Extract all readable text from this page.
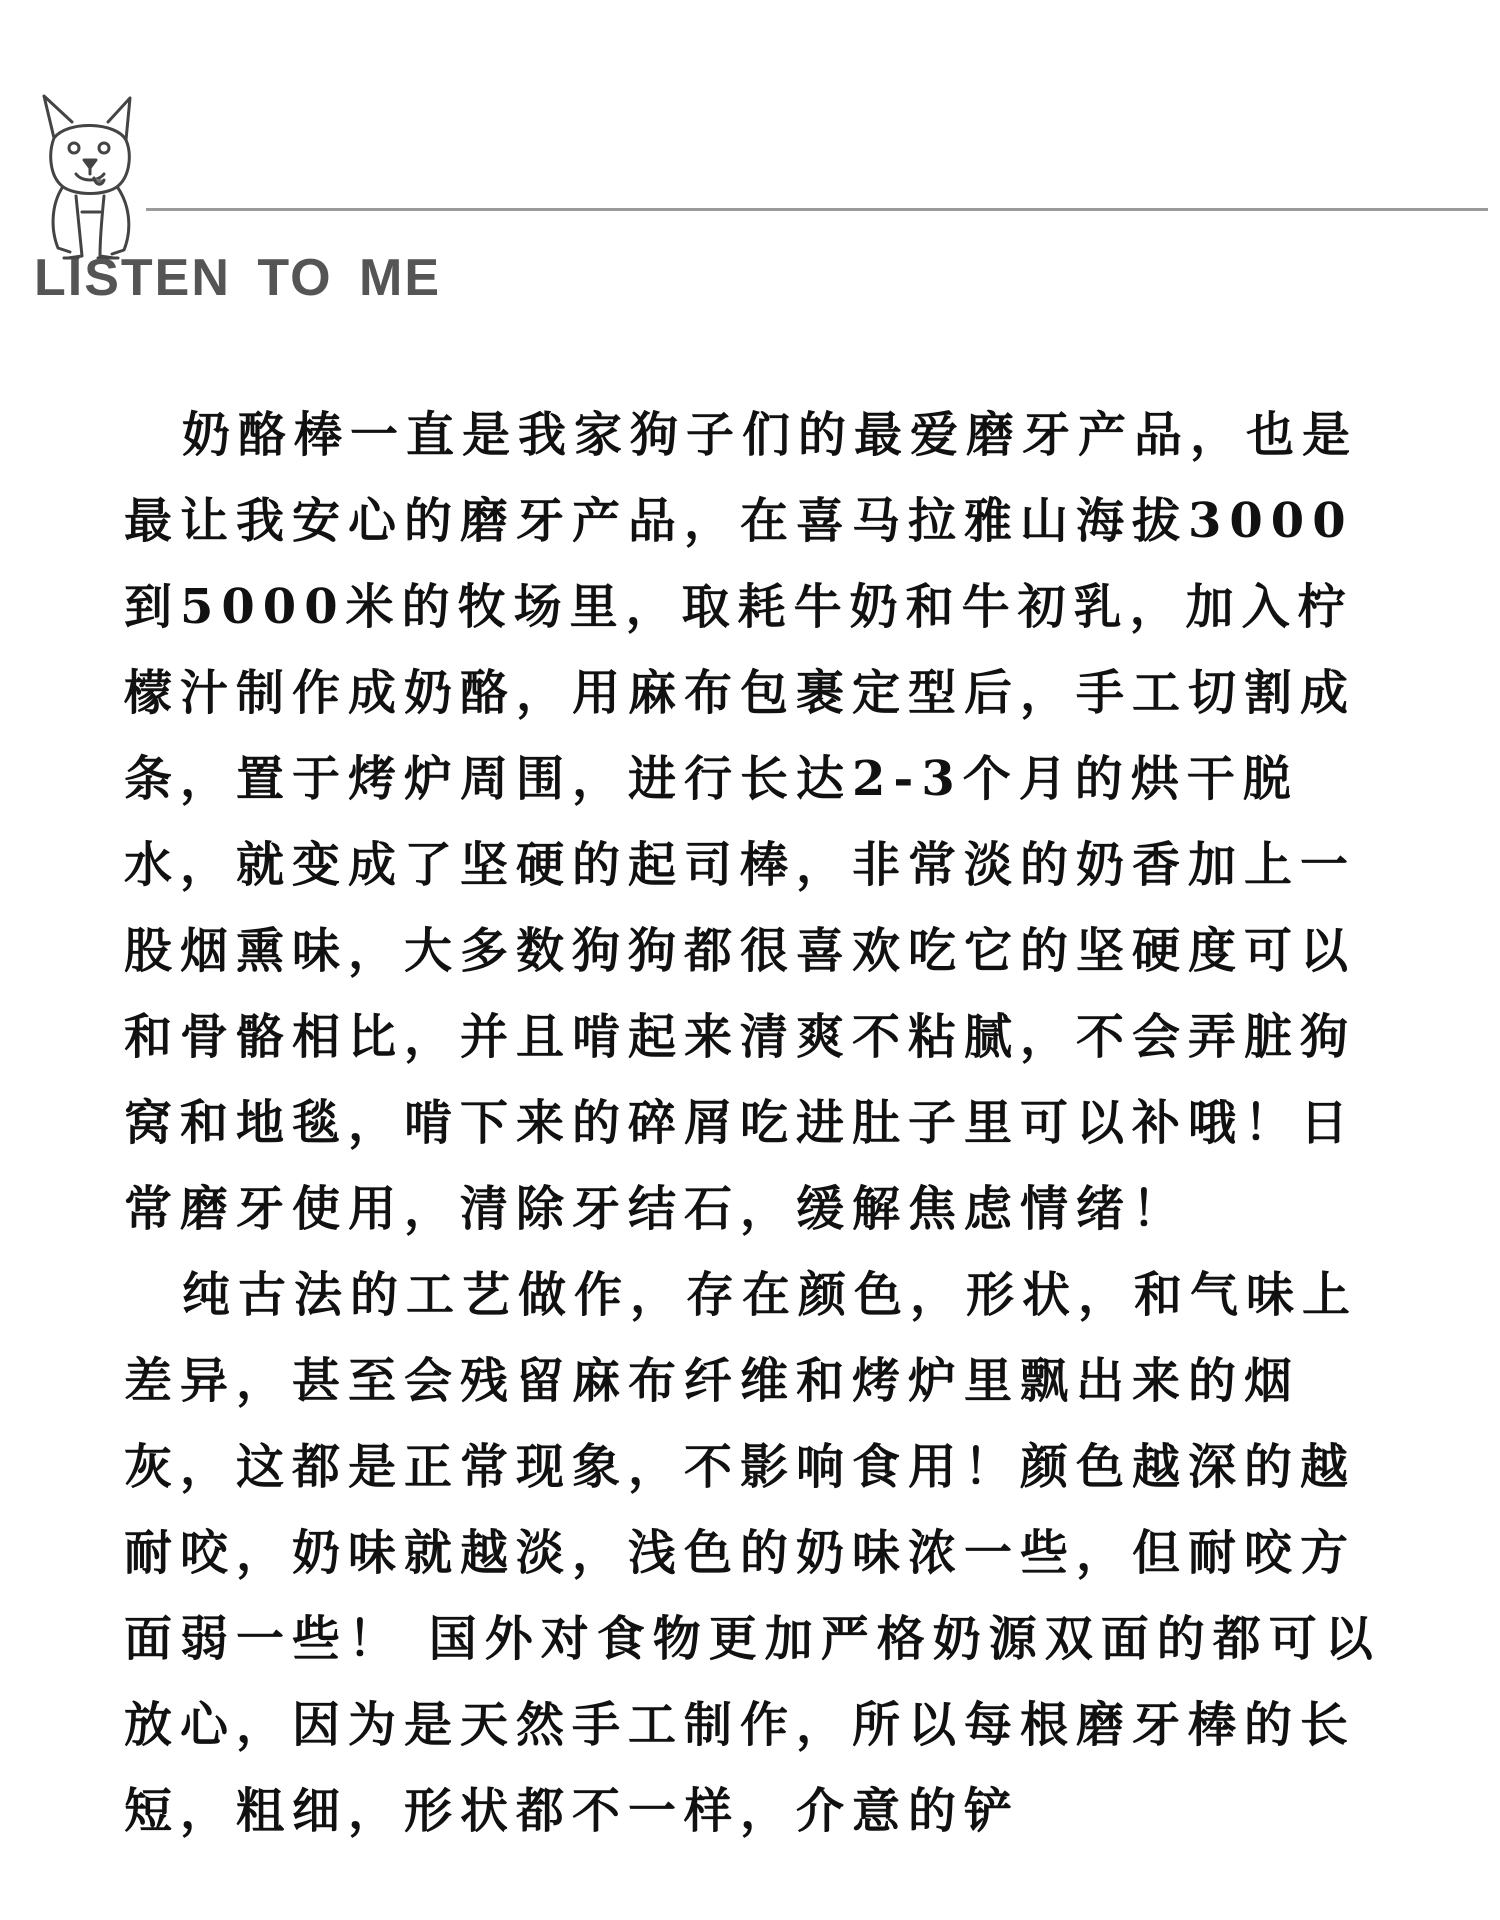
LISTEN TO ME

奶酪棒一直是我家狗子们的最爱磨牙产品，也是最让我安心的磨牙产品，在喜马拉雅山海拔3000到5000米的牧场里，取耗牛奶和牛初乳，加入柠檬汁制作成奶酪，用麻布包裹定型后，手工切割成条，置于烤炉周围，进行长达2-3个月的烘干脱水，就变成了坚硬的起司棒，非常淡的奶香加上一股烟熏味，大多数狗狗都很喜欢吃它的坚硬度可以和骨骼相比，并且啃起来清爽不粘腻，不会弄脏狗窝和地毯，啃下来的碎屑吃进肚子里可以补哦！日常磨牙使用，清除牙结石，缓解焦虑情绪！

纯古法的工艺做作，存在颜色，形状，和气味上差异，甚至会残留麻布纤维和烤炉里飘出来的烟灰，这都是正常现象，不影响食用！颜色越深的越耐咬，奶味就越淡，浅色的奶味浓一些，但耐咬方面弱一些！ 国外对食物更加严格奶源双面的都可以放心，因为是天然手工制作，所以每根磨牙棒的长短，粗细，形状都不一样，介意的铲
